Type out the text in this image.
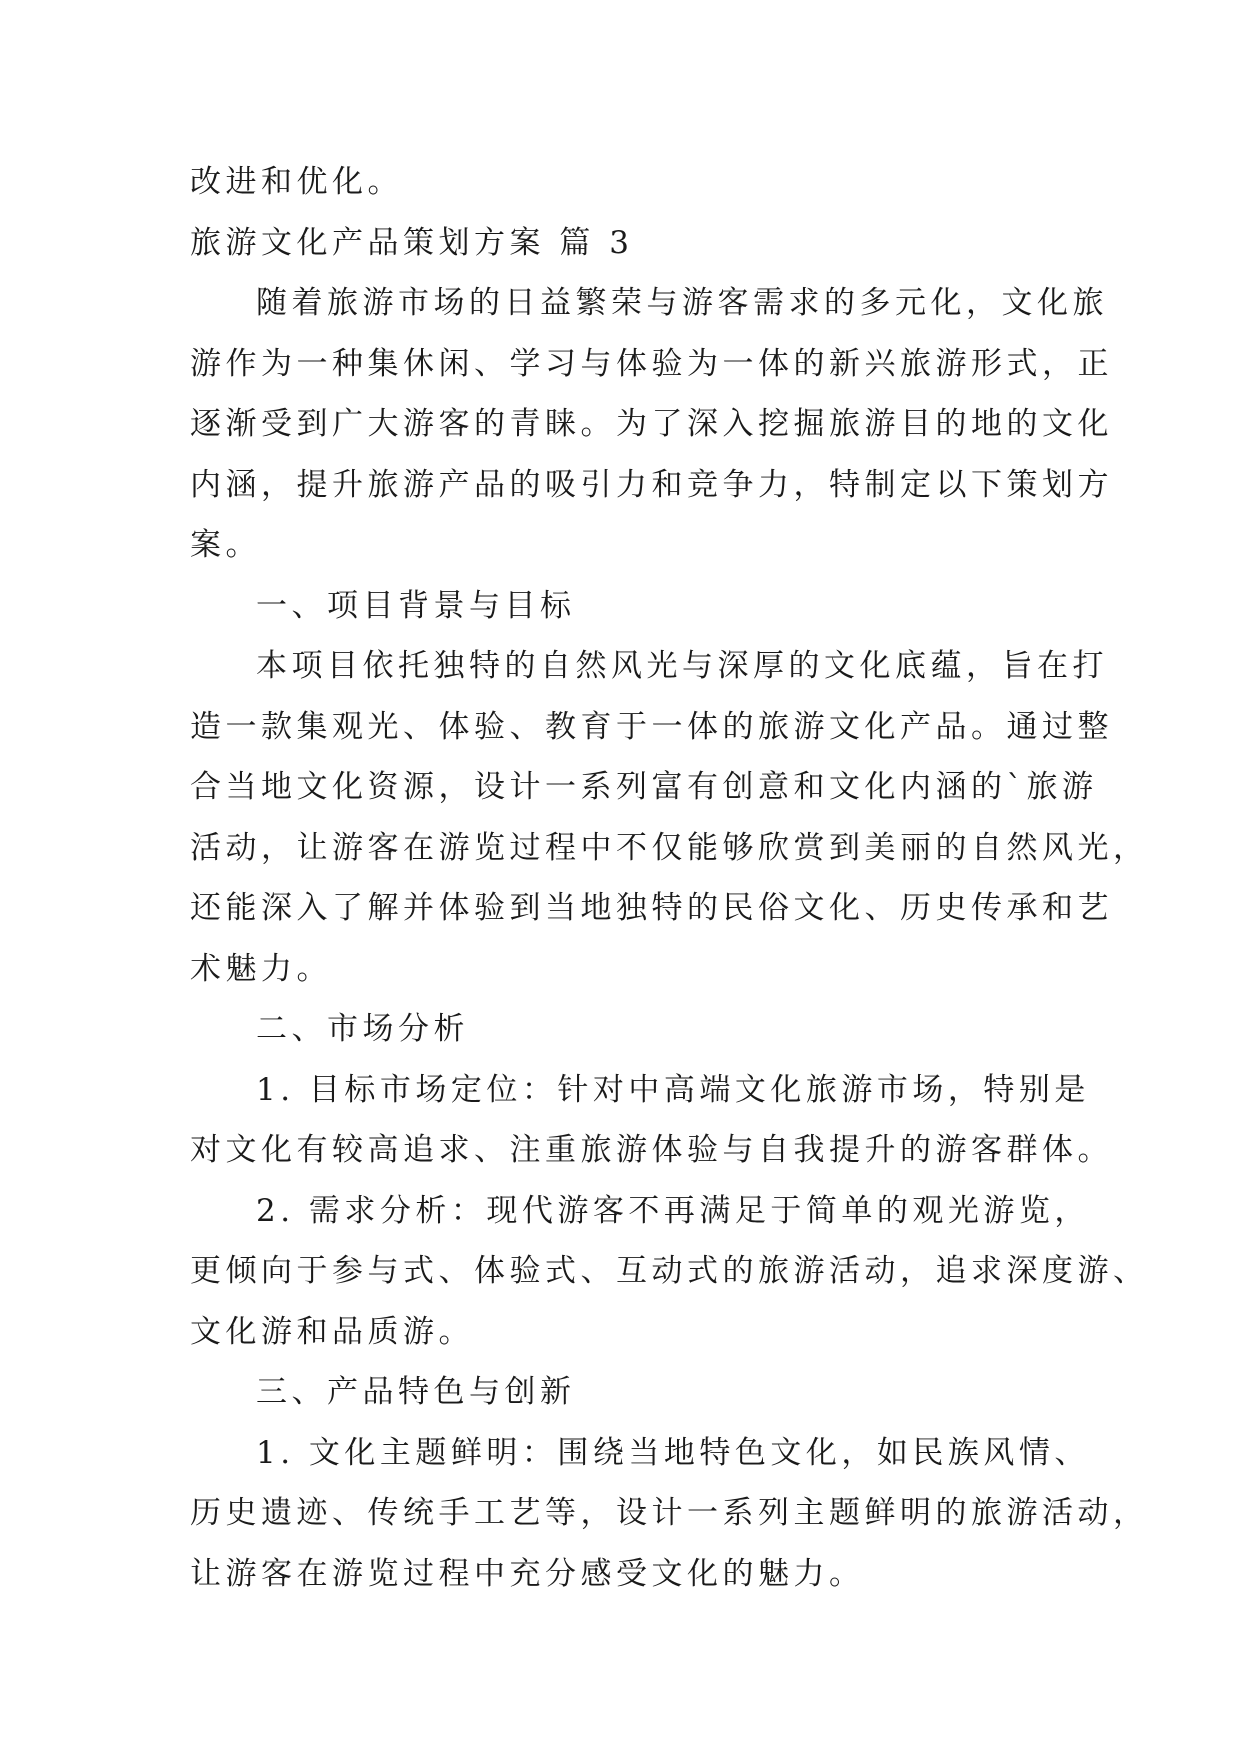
改进和优化。
旅游文化产品策划方案 篇 3
随着旅游市场的日益繁荣与游客需求的多元化，文化旅
游作为一种集休闲、学习与体验为一体的新兴旅游形式，正
逐渐受到广大游客的青睐。为了深入挖掘旅游目的地的文化
内涵，提升旅游产品的吸引力和竞争力，特制定以下策划方
案。
一、项目背景与目标
本项目依托独特的自然风光与深厚的文化底蕴，旨在打
造一款集观光、体验、教育于一体的旅游文化产品。通过整
合当地文化资源，设计一系列富有创意和文化内涵的`旅游
活动，让游客在游览过程中不仅能够欣赏到美丽的自然风光，
还能深入了解并体验到当地独特的民俗文化、历史传承和艺
术魅力。
二、市场分析
1. 目标市场定位：针对中高端文化旅游市场，特别是
对文化有较高追求、注重旅游体验与自我提升的游客群体。
2. 需求分析：现代游客不再满足于简单的观光游览，
更倾向于参与式、体验式、互动式的旅游活动，追求深度游、
文化游和品质游。
三、产品特色与创新
1. 文化主题鲜明：围绕当地特色文化，如民族风情、
历史遗迹、传统手工艺等，设计一系列主题鲜明的旅游活动，
让游客在游览过程中充分感受文化的魅力。
